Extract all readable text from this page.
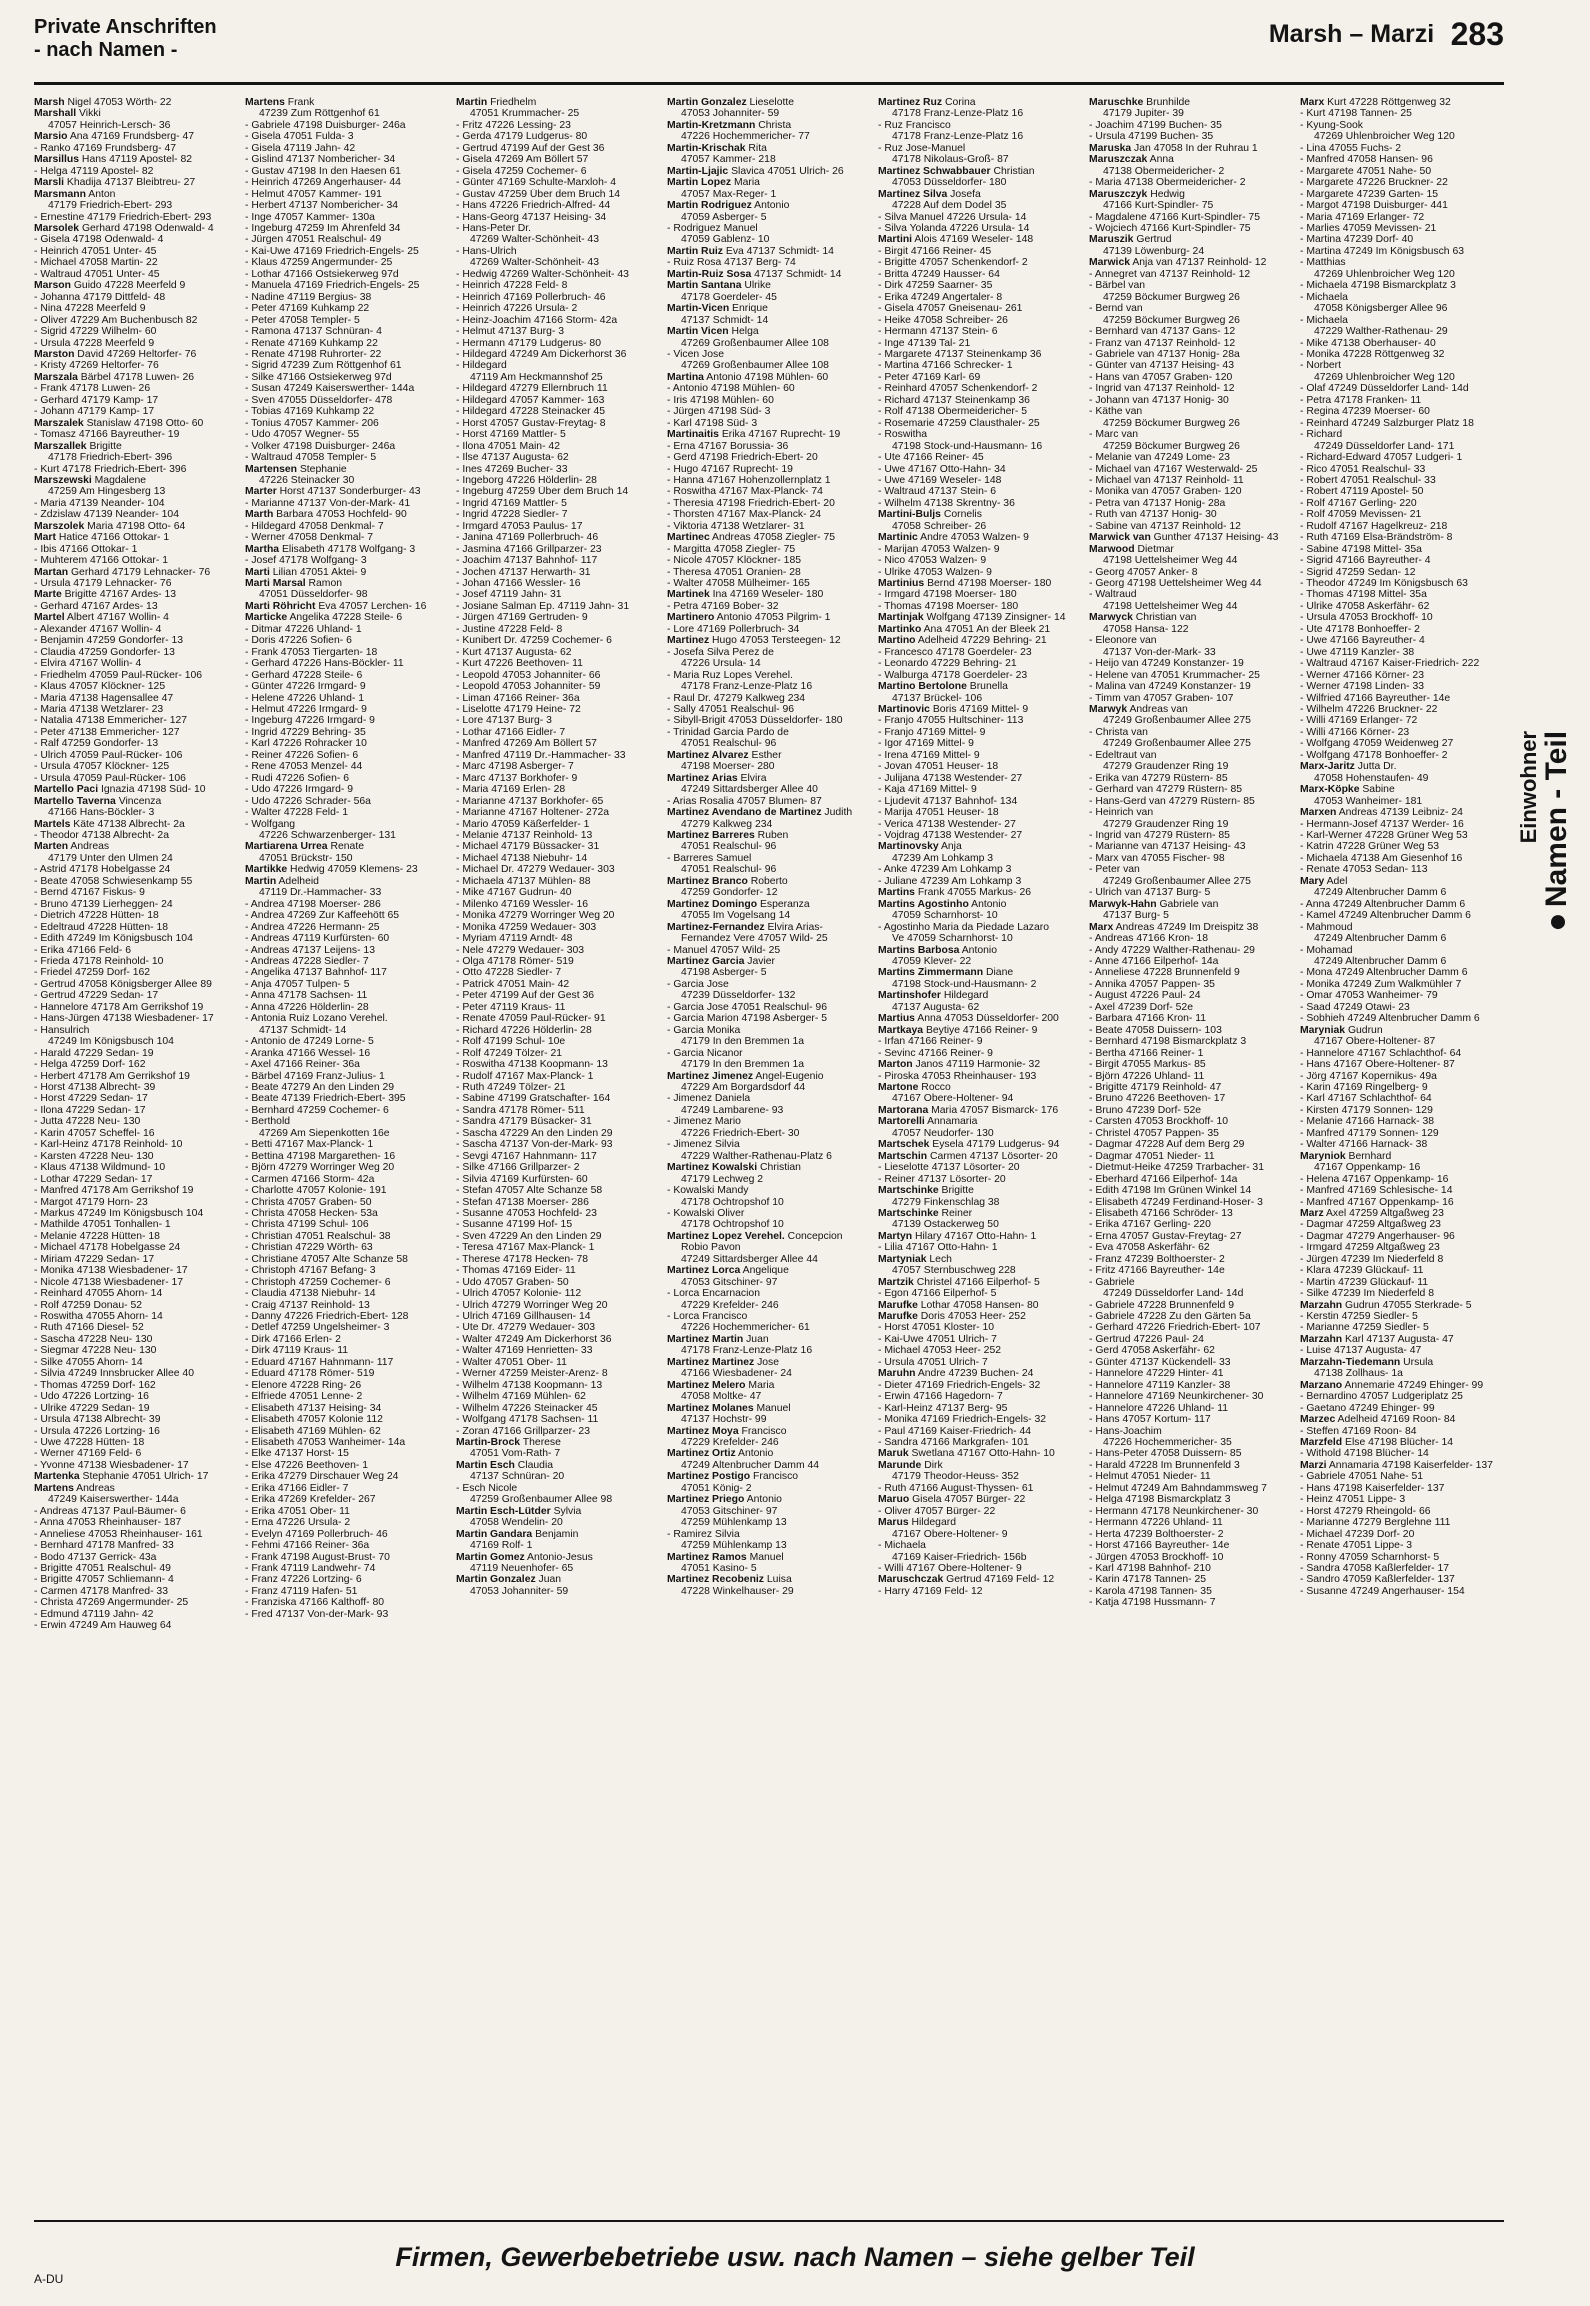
Private Anschriften
- nach Namen -
Marsh – Marzi 283
Marsh Nigel 47053 Wörth- 22
Marshall Vikki
47057 Heinrich-Lersch- 36
Marsio Ana 47169 Frundsberg- 47
- Ranko 47169 Frundsberg- 47
Marsillus Hans 47119 Apostel- 82
- Helga 47119 Apostel- 82
Marsli Khadija 47137 Bleibtreu- 27
Marsmann Anton
47179 Friedrich-Ebert- 293
- Ernestine 47179 Friedrich-Ebert- 293
Marsolek Gerhard 47198 Odenwald- 4
- Gisela 47198 Odenwald- 4
- Heinrich 47051 Unter- 45
- Michael 47058 Martin- 22
- Waltraud 47051 Unter- 45
Marson Guido 47228 Meerfeld 9
- Johanna 47179 Dittfeld- 48
- Nina 47228 Meerfeld 9
- Oliver 47229 Am Buchenbusch 82
- Sigrid 47229 Wilhelm- 60
- Ursula 47228 Meerfeld 9
Marston David 47269 Heltorfer- 76
- Kristy 47269 Heltorfer- 76
Marszala Bärbel 47178 Luwen- 26
- Frank 47178 Luwen- 26
- Gerhard 47179 Kamp- 17
- Johann 47179 Kamp- 17
Marszalek Stanislaw 47198 Otto- 60
- Tomasz 47166 Bayreuther- 19
Marszallek Brigitte
47178 Friedrich-Ebert- 396
- Kurt 47178 Friedrich-Ebert- 396
Marszewski Magdalene
47259 Am Hingesberg 13
- Maria 47139 Neander- 104
- Zdzislaw 47139 Neander- 104
Marszolek Maria 47198 Otto- 64
Mart Hatice 47166 Ottokar- 1
- Ibis 47166 Ottokar- 1
- Muhterem 47166 Ottokar- 1
Martan Gerhard 47179 Lehnacker- 76
- Ursula 47179 Lehnacker- 76
Marte Brigitte 47167 Ardes- 13
- Gerhard 47167 Ardes- 13
Martel Albert 47167 Wollin- 4
- Alexander 47167 Wollin- 4
- Benjamin 47259 Gondorfer- 13
- Claudia 47259 Gondorfer- 13
- Elvira 47167 Wollin- 4
- Friedhelm 47059 Paul-Rücker- 106
- Klaus 47057 Klöckner- 125
- Maria 47138 Hagensallee 47
- Maria 47138 Wetzlarer- 23
- Natalia 47138 Emmericher- 127
- Peter 47138 Emmericher- 127
- Ralf 47259 Gondorfer- 13
- Ulrich 47059 Paul-Rücker- 106
- Ursula 47057 Klöckner- 125
- Ursula 47059 Paul-Rücker- 106
Martello Paci Ignazia 47198 Süd- 10
Martello Tavernа Vincenza
47166 Hans-Böckler- 3
Martels Käte 47138 Albrecht- 2a
- Theodor 47138 Albrecht- 2a
Marten Andreas
47179 Unter den Ulmen 24
- Astrid 47178 Hobelgasse 24
- Beate 47058 Schwiesenkamp 55
- Bernd 47167 Fiskus- 9
- Bruno 47139 Lierheggen- 24
- Dietrich 47228 Hütten- 18
- Edeltraud 47228 Hütten- 18
- Edith 47249 Im Königsbusch 104
- Erika 47166 Feld- 6
- Frieda 47178 Reinhold- 10
- Friedel 47259 Dorf- 162
- Gertrud 47058 Königsberger Allee 89
- Gertrud 47229 Sedan- 17
- Hannelore 47178 Am Gerrikshof 19
- Hans-Jürgen 47138 Wiesbadener- 17
- Hansulrich
47249 Im Königsbusch 104
- Harald 47229 Sedan- 19
- Helga 47259 Dorf- 162
- Herbert 47178 Am Gerrikshof 19
- Horst 47138 Albrecht- 39
- Horst 47229 Sedan- 17
- Ilona 47229 Sedan- 17
- Jutta 47228 Neu- 130
- Karin 47057 Scheffel- 16
- Karl-Heinz 47178 Reinhold- 10
- Karsten 47228 Neu- 130
- Klaus 47138 Wildmund- 10
- Lothar 47229 Sedan- 17
- Manfred 47178 Am Gerrikshof 19
- Margot 47179 Horn- 23
- Markus 47249 Im Königsbusch 104
- Mathilde 47051 Tonhallen- 1
- Melanie 47228 Hütten- 18
- Michael 47178 Hobelgasse 24
- Miriam 47229 Sedan- 17
- Monika 47138 Wiesbadener- 17
- Nicole 47138 Wiesbadener- 17
- Reinhard 47055 Ahorn- 14
- Rolf 47259 Donau- 52
- Roswitha 47055 Ahorn- 14
- Ruth 47166 Diesel- 52
- Sascha 47228 Neu- 130
- Siegmar 47228 Neu- 130
- Silke 47055 Ahorn- 14
- Silvia 47249 Innsbrucker Allee 40
- Thomas 47259 Dorf- 162
- Udo 47226 Lortzing- 16
- Ulrike 47229 Sedan- 19
- Ursula 47138 Albrecht- 39
- Ursula 47226 Lortzing- 16
- Uwe 47228 Hütten- 18
- Werner 47169 Feld- 6
- Yvonne 47138 Wiesbadener- 17
Martenka Stephanie 47051 Ulrich- 17
Martens Andreas
47249 Kaiserswerther- 144a
- Andreas 47137 Paul-Bäumer- 6
- Anna 47053 Rheinhauser- 187
- Anneliese 47053 Rheinhauser- 161
- Bernhard 47178 Manfred- 33
- Bodo 47137 Gerrick- 43a
- Brigitte 47051 Realschul- 49
- Brigitte 47057 Schliemann- 4
- Carmen 47178 Manfred- 33
- Christa 47269 Angermunder- 25
- Edmund 47119 Jahn- 42
- Erwin 47249 Am Hauweg 64
Martens Frank
47239 Zum Röttgenhof 61
- Gabriele 47198 Duisburger- 246a
- Gisela 47051 Fulda- 3
- Gisela 47119 Jahn- 42
- Gislind 47137 Nombericher- 34
- Gustav 47198 In den Haesen 61
- Heinrich 47269 Angerhauser- 44
- Helmut 47057 Kammer- 191
- Herbert 47137 Nombericher- 34
- Inge 47057 Kammer- 130a
- Ingeburg 47259 Im Ährenfeld 34
- Jürgen 47051 Realschul- 49
- Kai-Uwe 47169 Friedrich-Engels- 25
- Klaus 47259 Angermunder- 25
- Lothar 47166 Ostsiekerweg 97d
- Manuela 47169 Friedrich-Engels- 25
- Nadine 47119 Bergius- 38
- Peter 47169 Kuhkamp 22
- Peter 47058 Templer- 5
- Ramona 47137 Schnürаn- 4
- Renate 47169 Kuhkamp 22
- Renate 47198 Ruhrorter- 22
- Sigrid 47239 Zum Röttgenhof 61
- Silke 47166 Ostsiekerweg 97d
- Susan 47249 Kaiserswerther- 144a
- Sven 47055 Düsseldorfer- 478
- Tobias 47169 Kuhkamp 22
- Tonius 47057 Kammer- 206
- Udo 47057 Wegner- 55
- Volker 47198 Duisburger- 246a
- Waltraud 47058 Templer- 5
Martensen Stephanie
47226 Steinacker 30
Marter Horst 47137 Sonderburger- 43
- Marianne 47137 Von-der-Mark- 41
Marth Barbara 47053 Hochfeld- 90
- Hildegard 47058 Denkmal- 7
- Werner 47058 Denkmal- 7
Martha Elisabeth 47178 Wolfgang- 3
- Josef 47178 Wolfgang- 3
Marti Lilian 47051 Aktei- 9
Marti Marsal Ramon
47051 Düsseldorfer- 98
Marti Röhricht Eva 47057 Lerchen- 16
Marticke Angelika 47228 Steile- 6
- Ditmar 47226 Uhland- 1
- Doris 47226 Sofien- 6
- Frank 47053 Tiergarten- 18
- Gerhard 47226 Hans-Böckler- 11
- Gerhard 47228 Steile- 6
- Günter 47226 Irmgard- 9
- Helene 47226 Uhland- 1
- Helmut 47226 Irmgard- 9
- Ingeburg 47226 Irmgard- 9
- Ingrid 47229 Behring- 35
- Karl 47226 Rohracker 10
- Reiner 47226 Sofien- 6
- Rene 47053 Menzel- 44
- Rudi 47226 Sofien- 6
- Udo 47226 Irmgard- 9
- Udo 47226 Schrader- 56a
- Walter 47228 Feld- 1
- Wolfgang
47226 Schwarzenberger- 131
Martiarena Urrea Renate
47051 Brückstr- 150
Martikke Hedwig 47059 Klemens- 23
Martin Adelheid
47119 Dr.-Hammacher- 33
- Andrea 47198 Moerser- 286
- Andrea 47269 Zur Kaffeehött 65
- Andrea 47226 Hermann- 25
- Andreas 47119 Kurfürsten- 60
- Andreas 47137 Leijens- 13
- Andreas 47228 Siedler- 7
- Angelika 47137 Bahnhof- 117
- Anja 47057 Tulpen- 5
- Anna 47178 Sachsen- 11
- Anna 47226 Hölderlin- 28
- Antonia Ruiz Lozano Verehel.
47137 Schmidt- 14
- Antonio de 47249 Lorne- 5
- Aranka 47166 Wessel- 16
- Axel 47166 Reiner- 36a
- Bärbel 47169 Franz-Julius- 1
- Beate 47279 An den Linden 29
- Beate 47139 Friedrich-Ebert- 395
- Bernhard 47259 Cochemer- 6
- Berthold
47269 Am Siepenkotten 16e
- Betti 47167 Max-Planck- 1
- Bettina 47198 Margarethen- 16
- Björn 47279 Worringer Weg 20
- Carmen 47166 Storm- 42a
- Charlotte 47057 Kolonie- 191
- Christa 47057 Graben- 50
- Christa 47058 Hecken- 53a
- Christa 47199 Schul- 106
- Christian 47051 Realschul- 38
- Christian 47229 Wörth- 63
- Christiane 47057 Alte Schanze 58
- Christoph 47167 Befang- 3
- Christoph 47259 Cochemer- 6
- Claudia 47138 Niebuhr- 14
- Craig 47137 Reinhold- 13
- Danny 47226 Friedrich-Ebert- 128
- Detlef 47259 Ungelsheimer- 3
- Dirk 47166 Erlen- 2
- Dirk 47119 Kraus- 11
- Eduard 47167 Hahnmann- 117
- Eduard 47178 Römer- 519
- Elenore 47228 Ring- 26
- Elfriede 47051 Lenne- 2
- Elisabeth 47137 Heising- 34
- Elisabeth 47057 Kolonie 112
- Elisabeth 47169 Mühlen- 62
- Elisabeth 47053 Wanheimer- 14a
- Elke 47137 Horst- 15
- Else 47226 Beethoven- 1
- Erika 47279 Dirschauer Weg 24
- Erika 47166 Eidler- 7
- Erika 47269 Krefelder- 267
- Erika 47051 Ober- 11
- Erna 47226 Ursula- 2
- Evelyn 47169 Pollerbruch- 46
- Fehmi 47166 Reiner- 36a
- Frank 47198 August-Brust- 70
- Frank 47119 Landwehr- 74
- Franz 47226 Lortzing- 6
- Franz 47119 Hafen- 51
- Franziska 47166 Kalthoff- 80
- Fred 47137 Von-der-Mark- 93
Martin Friedhelm
47051 Krummacher- 25
- Fritz 47226 Lessing- 23
- Gerda 47179 Ludgerus- 80
- Gertrud 47199 Auf der Gest 36
- Gisela 47269 Am Böllert 57
- Gisela 47259 Cochemer- 6
- Günter 47169 Schulte-Marxloh- 4
- Gustav 47259 Über dem Bruch 14
- Hans 47226 Friedrich-Alfred- 44
- Hans-Georg 47137 Heising- 34
- Hans-Peter Dr.
47269 Walter-Schönheit- 43
- Hans-Ulrich
47269 Walter-Schönheit- 43
- Hedwig 47269 Walter-Schönheit- 43
- Heinrich 47228 Feld- 8
- Heinrich 47169 Pollerbruch- 46
- Heinrich 47226 Ursula- 2
- Heinz-Joachim 47166 Storm- 42a
- Helmut 47137 Burg- 3
- Hermann 47179 Ludgerus- 80
- Hildegard 47249 Am Dickerhorst 36
- Hildegard
47119 Am Heckmannshof 25
- Hildegard 47279 Ellernbruch 11
- Hildegard 47057 Kammer- 163
- Hildegard 47228 Steinacker 45
- Horst 47057 Gustav-Freytag- 8
- Horst 47169 Mattler- 5
- Ilona 47051 Main- 42
- Ilse 47137 Augusta- 62
- Ines 47269 Bucher- 33
- Ingeborg 47226 Hölderlin- 28
- Ingeburg 47259 Über dem Bruch 14
- Ingrid 47169 Mattler- 5
- Ingrid 47228 Siedler- 7
- Irmgard 47053 Paulus- 17
- Janina 47169 Pollerbruch- 46
- Jasmina 47166 Grillparzer- 23
- Joachim 47137 Bahnhof- 117
- Jochen 47137 Herwarth- 31
- Johan 47166 Wessler- 16
- Josef 47119 Jahn- 31
- Josiane Salman Ep. 47119 Jahn- 31
- Jürgen 47169 Gertruden- 9
- Justine 47228 Feld- 8
- Kunibert Dr. 47259 Cochemer- 6
- Kurt 47137 Augusta- 62
- Kurt 47226 Beethoven- 11
- Leopold 47053 Johanniter- 66
- Leopold 47053 Johanniter- 59
- Liman 47166 Reiner- 36a
- Liselotte 47179 Heine- 72
- Lore 47137 Burg- 3
- Lothar 47166 Eidler- 7
- Manfred 47269 Am Böllert 57
- Manfred 47119 Dr.-Hammacher- 33
- Marc 47198 Asberger- 7
- Marc 47137 Borkhofer- 9
- Maria 47169 Erlen- 28
- Marianne 47137 Borkhofer- 65
- Marianne 47167 Holtener- 272a
- Mario 47059 Käßerfelder- 1
- Melanie 47137 Reinhold- 13
- Michael 47179 Büssacker- 31
- Michael 47138 Niebuhr- 14
- Michael Dr. 47279 Wedauer- 303
- Michaela 47137 Mühlen- 88
- Mike 47167 Gudrun- 40
- Milenko 47169 Wessler- 16
- Monika 47279 Worringer Weg 20
- Monika 47259 Wedauer- 303
- Myriam 47119 Arndt- 48
- Nele 47279 Wedauer- 303
- Olga 47178 Römer- 519
- Otto 47228 Siedler- 7
- Patrick 47051 Main- 42
- Peter 47199 Auf der Gest 36
- Peter 47119 Kraus- 11
- Renate 47059 Paul-Rücker- 91
- Richard 47226 Hölderlin- 28
- Rolf 47199 Schul- 10e
- Rolf 47249 Tölzer- 21
- Roswitha 47138 Koopmann- 13
- Rudolf 47167 Max-Planck- 1
- Ruth 47249 Tölzer- 21
- Sabine 47199 Gratschafter- 164
- Sandra 47178 Römer- 511
- Sandra 47179 Büsacker- 31
- Sascha 47229 An den Linden 29
- Sascha 47137 Von-der-Mark- 93
- Sevgi 47167 Hahnmann- 117
- Silke 47166 Grillparzer- 2
- Silvia 47169 Kurfürsten- 60
- Stefan 47057 Alte Schanze 58
- Stefan 47138 Moerser- 286
- Susanne 47053 Hochfeld- 23
- Susanne 47199 Hof- 15
- Sven 47229 An den Linden 29
- Teresa 47167 Max-Planck- 1
- Therese 47178 Hecken- 78
- Thomas 47169 Eider- 11
- Udo 47057 Graben- 50
- Ulrich 47057 Kolonie- 112
- Ulrich 47279 Worringer Weg 20
- Ulrich 47169 Gillhausen- 14
- Ute Dr. 47279 Wedauer- 303
- Walter 47249 Am Dickerhorst 36
- Walter 47169 Henrietten- 33
- Walter 47051 Ober- 11
- Werner 47259 Meister-Arenz- 8
- Wilhelm 47138 Koopmann- 13
- Wilhelm 47169 Mühlen- 62
- Wilhelm 47226 Steinacker 45
- Wolfgang 47178 Sachsen- 11
- Zoran 47166 Grillparzer- 23
Martin-Brock Therese
47051 Vom-Rath- 7
Martin Esch Claudia
47137 Schnüran- 20
- Esch Nicole
47259 Großenbaumer Allee 98
Martin Esch-Lütder Sylvia
47058 Wendelin- 20
Martin Gandara Benjamin
47169 Rolf- 1
Martin Gomez Antonio-Jesus
47119 Neuenhofer- 65
Martin Gonzalez Juan
47053 Johanniter- 59
Martin Gonzalez Lieselotte
47053 Johanniter- 59
Martin-Kretzmann Christa
47226 Hochemmericher- 77
Martin-Krischak Rita
47057 Kammer- 218
Martin-Ljajic Slavica 47051 Ulrich- 26
Martin Lopez Maria
47057 Max-Reger- 1
Martin Rodriguez Antonio
47059 Asberger- 5
- Rodriguez Manuel
47059 Gablenz- 10
Martin Ruiz Eva 47137 Schmidt- 14
- Ruiz Rosa 47137 Berg- 74
Martin-Ruiz Sosa 47137 Schmidt- 14
Martin Santana Ulrike
47178 Goerdeler- 45
Martin-Vicen Enrique
47137 Schmidt- 14
Martin Vicen Helga
47269 Großenbaumer Allee 108
- Vicen Jose
47269 Großenbaumer Allee 108
Martina Antonio 47198 Mühlen- 60
- Antonio 47198 Mühlen- 60
- Iris 47198 Mühlen- 60
- Jürgen 47198 Süd- 3
- Karl 47198 Süd- 3
Martinaitis Erika 47167 Ruprecht- 19
- Erna 47167 Borussia- 36
- Gerd 47198 Friedrich-Ebert- 20
- Hugo 47167 Ruprecht- 19
- Hanna 47167 Hohenzollernplatz 1
- Roswitha 47167 Max-Planck- 74
- Theresia 47198 Friedrich-Ebert- 20
- Thorsten 47167 Max-Planck- 24
- Viktoria 47138 Wetzlarer- 31
Martinec Andreas 47058 Ziegler- 75
- Margitta 47058 Ziegler- 75
- Nicole 47057 Klöckner- 185
- Theresa 47051 Oranien- 28
- Walter 47058 Mülheimer- 165
Martinek Ina 47169 Weseler- 180
- Petra 47169 Bober- 32
Martinero Antonio 47053 Pilgrim- 1
- Lore 47169 Pollerbruch- 34
Martinez Hugo 47053 Tersteegen- 12
- Josefa Silva Perez de
47226 Ursula- 14
- Maria Ruz Lopes Verehel.
47178 Franz-Lenze-Platz 16
- Raul Dr. 47279 Kalkweg 234
- Sally 47051 Realschul- 96
- Sibyll-Brigit 47053 Düsseldorfer- 180
- Trinidad Garcia Pardo de
47051 Realschul- 96
Martinez Alvarez Esther
47198 Moerser- 280
Martinez Arias Elvira
47249 Sittardsberger Allee 40
- Arias Rosalia 47057 Blumen- 87
Martinez Avendano de Martinez Judith
47279 Kalkweg 234
Martinez Barreres Ruben
47051 Realschul- 96
- Barreres Samuel
47051 Realschul- 96
Martinez Branco Roberto
47259 Gondorfer- 12
Martinez Domingo Esperanza
47055 Im Vogelsang 14
Martinez-Fernandez Elvira Arias-
Fernandez Vere 47057 Wild- 25
- Manuel 47057 Wild- 25
Martinez Garcia Javier
47198 Asberger- 5
- Garcia Jose
47239 Düsseldorfer- 132
- Garcia Jose 47051 Realschul- 96
- Garcia Marion 47198 Asberger- 5
- Garcia Monika
47179 In den Bremmen 1a
- Garcia Nicanor
47179 In den Bremmen 1a
Martinez Jimenez Angel-Eugenio
47229 Am Borgardsdorf 44
- Jimenez Daniela
47249 Lambarene- 93
- Jimenez Mario
47226 Friedrich-Ebert- 30
- Jimenez Silvia
47229 Walther-Rathenau-Platz 6
Martinez Kowalski Christian
47179 Lechweg 2
- Kowalski Mandy
47178 Ochtropshof 10
- Kowalski Oliver
47178 Ochtropshof 10
Martinez Lopez Verehel. Concepcion
Robio Pavon
47249 Sittardsberger Allee 44
Martinez Lorca Angelique
47053 Gitschiner- 97
- Lorca Encarnacion
47229 Krefelder- 246
- Lorca Francisco
47226 Hochemmericher- 61
Martinez Martin Juan
47178 Franz-Lenze-Platz 16
Martinez Martinez Jose
47166 Wiesbadener- 24
Martinez Melero Maria
47058 Moltke- 47
Martinez Molanes Manuel
47137 Hochstr- 99
Martinez Moya Francisco
47229 Krefelder- 246
Martinez Ortiz Antonio
47249 Altenbrucher Damm 44
Martinez Postigo Francisco
47051 König- 2
Martinez Priego Antonio
47053 Gitschiner- 97
47259 Mühlenkamp 13
- Ramirez Silvia
47259 Mühlenkamp 13
Martinez Ramos Manuel
47051 Kasino- 5
Martinez Recobeniz Luisa
47228 Winkelhauser- 29
Martinez Ruz Corina
47178 Franz-Lenze-Platz 16
- Ruz Francisco
47178 Franz-Lenze-Platz 16
- Ruz Jose-Manuel
47178 Nikolaus-Groß- 87
Martinez Schwabbauer Christian
47053 Düsseldorfer- 180
Martinez Silva Josefa
47228 Auf dem Dodel 35
- Silva Manuel 47226 Ursula- 14
- Silva Yolanda 47226 Ursula- 14
Martini Alois 47169 Weseler- 148
- Birgit 47166 Reiner- 45
- Brigitte 47057 Schenkendorf- 2
- Britta 47249 Hausser- 64
- Dirk 47259 Saarner- 35
- Erika 47249 Angertaler- 8
- Gisela 47057 Gneisenau- 261
- Heike 47058 Schreiber- 26
- Hermann 47137 Stein- 6
- Inge 47139 Tal- 21
- Margarete 47137 Steinenkamp 36
- Martina 47166 Schrecker- 1
- Peter 47169 Karl- 69
- Reinhard 47057 Schenkendorf- 2
- Richard 47137 Steinenkamp 36
- Rolf 47138 Obermeidericher- 5
- Rosemarie 47259 Clausthaler- 25
- Roswitha
47198 Stock-und-Hausmann- 16
- Ute 47166 Reiner- 45
- Uwe 47167 Otto-Hahn- 34
- Uwe 47169 Weseler- 148
- Waltraud 47137 Stein- 6
- Wilhelm 47138 Skrentny- 36
Martini-Buljs Cornelis
47058 Schreiber- 26
Martinic Andre 47053 Walzen- 9
- Marijan 47053 Walzen- 9
- Nico 47053 Walzen- 9
- Ulrike 47053 Walzen- 9
Martinius Bernd 47198 Moerser- 180
- Irmgard 47198 Moerser- 180
- Thomas 47198 Moerser- 180
Martinjak Wolfgang 47139 Zinsigner- 14
Martinko Ana 47051 An der Bleek 21
Martino Adelheid 47229 Behring- 21
- Francesco 47178 Goerdeler- 23
- Leonardo 47229 Behring- 21
- Walburga 47178 Goerdeler- 23
Martino Bertolone Brunella
47137 Brückel- 106
Martinovic Boris 47169 Mittel- 9
- Franjo 47055 Hultschiner- 113
- Franjo 47169 Mittel- 9
- Igor 47169 Mittel- 9
- Irena 47169 Mittel- 9
- Jovan 47051 Heuser- 18
- Julijana 47138 Westender- 27
- Kaja 47169 Mittel- 9
- Ljudevit 47137 Bahnhof- 134
- Marija 47051 Heuser- 18
- Verica 47138 Westender- 27
- Vojdrag 47138 Westender- 27
Martinovsky Anja
47239 Am Lohkamp 3
- Anke 47239 Am Lohkamp 3
- Juliane 47239 Am Lohkamp 3
Martins Frank 47055 Markus- 26
Martins Agostinho Antonio
47059 Scharnhorst- 10
- Agostinho Maria da Piedade Lazaro
Ve 47059 Scharnhorst- 10
Martins Barbosa Antonio
47059 Klever- 22
Martins Zimmermann Diane
47198 Stock-und-Hausmann- 2
Martinshofer Hildegard
47137 Augusta- 62
Martius Anna 47053 Düsseldorfer- 200
Martkaya Beytiye 47166 Reiner- 9
- Irfan 47166 Reiner- 9
- Sevinc 47166 Reiner- 9
Marton Janos 47119 Harmonie- 32
- Piroska 47053 Rheinhauser- 193
Martone Rocco
47167 Obere-Holtener- 94
Martorana Maria 47057 Bismarck- 176
Martorelli Annamaria
47057 Neudorfer- 130
Martschek Eysela 47179 Ludgerus- 94
Martschin Carmen 47137 Lösorter- 20
- Lieselotte 47137 Lösorter- 20
- Reiner 47137 Lösorter- 20
Martschinke Brigitte
47279 Finkenschlag 38
Martschinke Reiner
47139 Ostackerweg 50
Martyn Hilary 47167 Otto-Hahn- 1
- Lilia 47167 Otto-Hahn- 1
Martyniak Lech
47057 Sternbuschweg 228
Martzik Christel 47166 Eilperhof- 5
- Egon 47166 Eilperhof- 5
Marufke Lothar 47058 Hansen- 80
Marufke Doris 47053 Heer- 252
- Horst 47051 Kloster- 10
- Kai-Uwe 47051 Ulrich- 7
- Michael 47053 Heer- 252
- Ursula 47051 Ulrich- 7
Maruhn Andre 47239 Buchen- 24
- Dieter 47169 Friedrich-Engels- 32
- Erwin 47166 Hagedorn- 7
- Karl-Heinz 47137 Berg- 95
- Monika 47169 Friedrich-Engels- 32
- Paul 47169 Kaiser-Friedrich- 44
- Sandra 47166 Markgrafen- 101
Maruk Swetlana 47167 Otto-Hahn- 10
Marunde Dirk
47179 Theodor-Heuss- 352
- Ruth 47166 August-Thyssen- 61
Maruo Gisela 47057 Bürger- 22
- Oliver 47057 Bürger- 22
Marus Hildegard
47167 Obere-Holtener- 9
- Michaela
47169 Kaiser-Friedrich- 156b
- Willi 47167 Obere-Holtener- 9
Maruschczak Gertrud 47169 Feld- 12
- Harry 47169 Feld- 12
Maruschke Brunhilde
47179 Jupiter- 39
- Joachim 47199 Buchen- 35
- Ursula 47199 Buchen- 35
Maruska Jan 47058 In der Ruhrau 1
Maruszczak Anna
47138 Obermeidericher- 2
- Maria 47138 Obermeidericher- 2
Maruszczyk Hedwig
47166 Kurt-Spindler- 75
- Magdalene 47166 Kurt-Spindler- 75
- Wojciech 47166 Kurt-Spindler- 75
Maruszik Gertrud
47139 Löwenburg- 24
Marwick Anja van 47137 Reinhold- 12
- Annegret van 47137 Reinhold- 12
- Bärbel van
47259 Böckumer Burgweg 26
- Bernd van
47259 Böckumer Burgweg 26
- Bernhard van 47137 Gans- 12
- Franz van 47137 Reinhold- 12
- Gabriele van 47137 Honig- 28a
- Günter van 47137 Heising- 43
- Hans van 47057 Graben- 120
- Ingrid van 47137 Reinhold- 12
- Johann van 47137 Honig- 30
- Käthe van
47259 Böckumer Burgweg 26
- Marc van
47259 Böckumer Burgweg 26
- Melanie van 47249 Lome- 23
- Michael van 47167 Westerwald- 25
- Michael van 47137 Reinhold- 11
- Monika van 47057 Graben- 120
- Petra van 47137 Honig- 28a
- Ruth van 47137 Honig- 30
- Sabine van 47137 Reinhold- 12
Marwick van Gunther 47137 Heising- 43
Marwood Dietmar
47198 Uettelsheimer Weg 44
- Georg 47057 Anker- 8
- Georg 47198 Uettelsheimer Weg 44
- Waltraud
47198 Uettelsheimer Weg 44
Marwyck Christian van
47058 Hansa- 122
- Eleonore van
47137 Von-der-Mark- 33
- Heijo van 47249 Konstanzer- 19
- Helene van 47051 Krummacher- 25
- Malina van 47249 Konstanzer- 19
- Timm van 47057 Graben- 107
Marwyk Andreas van
47249 Großenbaumer Allee 275
- Christa van
47249 Großenbaumer Allee 275
- Edeltraut van
47279 Graudenzer Ring 19
- Erika van 47279 Rüstern- 85
- Gerhard van 47279 Rüstern- 85
- Hans-Gerd van 47279 Rüstern- 85
- Heinrich van
47279 Graudenzer Ring 19
- Ingrid van 47279 Rüstern- 85
- Marianne van 47137 Heising- 43
- Marx van 47055 Fischer- 98
- Peter van
47249 Großenbaumer Allee 275
- Ulrich van 47137 Burg- 5
Marwyk-Hahn Gabriele van
47137 Burg- 5
Marx Andreas 47249 Im Dreispitz 38
- Andreas 47166 Kron- 18
- Andy 47229 Walther-Rathenau- 29
- Anne 47166 Eilperhof- 14a
- Anneliese 47228 Brunnenfeld 9
- Annika 47057 Pappen- 35
- August 47226 Paul- 24
- Axel 47239 Dorf- 52e
- Barbara 47166 Kron- 11
- Beate 47058 Duissern- 103
- Bernhard 47198 Bismarckplatz 3
- Bertha 47166 Reiner- 1
- Birgit 47055 Markus- 85
- Björn 47226 Uhland- 11
- Brigitte 47179 Reinhold- 47
- Bruno 47226 Beethoven- 17
- Bruno 47239 Dorf- 52e
- Carsten 47053 Brockhoff- 10
- Christel 47057 Pappen- 35
- Dagmar 47228 Auf dem Berg 29
- Dagmar 47051 Nieder- 11
- Dietmut-Heike 47259 Trarbacher- 31
- Eberhard 47166 Eilperhof- 14a
- Edith 47198 Im Grünen Winkel 14
- Elisabeth 47249 Ferdinand-Hoser- 3
- Elisabeth 47166 Schröder- 13
- Erika 47167 Gerling- 220
- Erna 47057 Gustav-Freytag- 27
- Eva 47058 Askerfähr- 62
- Franz 47239 Bolthoerster- 2
- Fritz 47166 Bayreuther- 14e
- Gabriele
47249 Düsseldorfer Land- 14d
- Gabriele 47228 Brunnenfeld 9
- Gabriele 47228 Zu den Gärten 5a
- Gerhard 47226 Friedrich-Ebert- 107
- Gertrud 47226 Paul- 24
- Gerd 47058 Askerfähr- 62
- Günter 47137 Kückendell- 33
- Hannelore 47229 Hinter- 41
- Hannelore 47119 Kanzler- 38
- Hannelore 47169 Neunkirchener- 30
- Hannelore 47226 Uhland- 11
- Hans 47057 Kortum- 117
- Hans-Joachim
47226 Hochemmericher- 35
- Hans-Peter 47058 Duissern- 85
- Harald 47228 Im Brunnenfeld 3
- Helmut 47051 Nieder- 11
- Helmut 47249 Am Bahndammsweg 7
- Helga 47198 Bismarckplatz 3
- Hermann 47178 Neunkirchener- 30
- Hermann 47226 Uhland- 11
- Herta 47239 Bolthoerster- 2
- Horst 47166 Bayreuther- 14e
- Jürgen 47053 Brockhoff- 10
- Karl 47198 Bahnhof- 210
- Karin 47178 Tannen- 25
- Karola 47198 Tannen- 35
- Katja 47198 Hussmann- 7
Marx Kurt 47228 Röttgenweg 32
- Kurt 47198 Tannen- 25
- Kyung-Sook
47269 Uhlenbroicher Weg 120
- Lina 47055 Fuchs- 2
- Manfred 47058 Hansen- 96
- Margarete 47051 Nahe- 50
- Margarete 47226 Bruckner- 22
- Margarete 47239 Garten- 15
- Margot 47198 Duisburger- 441
- Maria 47169 Erlanger- 72
- Marlies 47059 Mevissen- 21
- Martina 47239 Dorf- 40
- Martina 47249 Im Königsbusch 63
- Matthias
47269 Uhlenbroicher Weg 120
- Michaela 47198 Bismarckplatz 3
- Michaela
47058 Königsberger Allee 96
- Michaela
47229 Walther-Rathenau- 29
- Mike 47138 Oberhauser- 40
- Monika 47228 Röttgenweg 32
- Norbert
47269 Uhlenbroicher Weg 120
- Olaf 47249 Düsseldorfer Land- 14d
- Petra 47178 Franken- 11
- Regina 47239 Moerser- 60
- Reinhard 47249 Salzburger Platz 18
- Richard
47249 Düsseldorfer Land- 171
- Richard-Edward 47057 Ludgeri- 1
- Rico 47051 Realschul- 33
- Robert 47051 Realschul- 33
- Robert 47119 Apostel- 50
- Rolf 47167 Gerling- 220
- Rolf 47059 Mevissen- 21
- Rudolf 47167 Hagelkreuz- 218
- Ruth 47169 Elsa-Brändström- 8
- Sabine 47198 Mittel- 35a
- Sigrid 47166 Bayreuther- 4
- Sigrid 47259 Sedan- 12
- Theodor 47249 Im Königsbusch 63
- Thomas 47198 Mittel- 35a
- Ulrike 47058 Askerfähr- 62
- Ursula 47053 Brockhoff- 10
- Ute 47178 Bonhoeffer- 2
- Uwe 47166 Bayreuther- 4
- Uwe 47119 Kanzler- 38
- Waltraud 47167 Kaiser-Friedrich- 222
- Werner 47166 Körner- 23
- Werner 47198 Linden- 33
- Wilfried 47166 Bayreuther- 14e
- Wilhelm 47226 Bruckner- 22
- Willi 47169 Erlanger- 72
- Willi 47166 Körner- 23
- Wolfgang 47059 Weidenweg 27
- Wolfgang 47178 Bonhoeffer- 2
Marx-Jaritz Jutta Dr.
47058 Hohenstaufen- 49
Marx-Köpke Sabine
47053 Wanheimer- 181
Marxen Andreas 47139 Leibniz- 24
- Hermann-Josef 47137 Werder- 16
- Karl-Werner 47228 Grüner Weg 53
- Katrin 47228 Grüner Weg 53
- Michaela 47138 Am Giesenhof 16
- Renate 47053 Sedan- 113
Mary Adel
47249 Altenbrucher Damm 6
- Anna 47249 Altenbrucher Damm 6
- Kamel 47249 Altenbrucher Damm 6
- Mahmoud
47249 Altenbrucher Damm 6
- Mohamad
47249 Altenbrucher Damm 6
- Mona 47249 Altenbrucher Damm 6
- Monika 47249 Zum Walkmühler 7
- Omar 47053 Wanheimer- 79
- Saad 47249 Otawi- 23
- Sobhieh 47249 Altenbrucher Damm 6
Maryniak Gudrun
47167 Obere-Holtener- 87
- Hannelore 47167 Schlachthof- 64
- Hans 47167 Obere-Holtener- 87
- Jörg 47167 Kopernikus- 49a
- Karin 47169 Ringelberg- 9
- Karl 47167 Schlachthof- 64
- Kirsten 47179 Sonnen- 129
- Melanie 47166 Harnack- 38
- Manfred 47179 Sonnen- 129
- Walter 47166 Harnack- 38
Maryniok Bernhard
47167 Oppenkamp- 16
- Helena 47167 Oppenkamp- 16
- Manfred 47169 Schlesische- 14
- Manfred 47167 Oppenkamp- 16
Marz Axel 47259 Altgaßweg 23
- Dagmar 47259 Altgaßweg 23
- Dagmar 47279 Angerhauser- 96
- Irmgard 47259 Altgaßweg 23
- Jürgen 47239 Im Niederfeld 8
- Klara 47239 Glückauf- 11
- Martin 47239 Glückauf- 11
- Silke 47239 Im Niederfeld 8
Marzahn Gudrun 47055 Sterkrade- 5
- Kerstin 47259 Siedler- 5
- Marianne 47259 Siedler- 5
Marzahn Karl 47137 Augusta- 47
- Luise 47137 Augusta- 47
Marzahn-Tiedemann Ursula
47138 Zollhaus- 1a
Marzano Annemarie 47249 Ehinger- 99
- Bernardino 47057 Ludgeriplatz 25
- Gaetano 47249 Ehinger- 99
Marzec Adelheid 47169 Roon- 84
- Steffen 47169 Roon- 84
Marzfeld Else 47198 Blücher- 14
- Withold 47198 Blücher- 14
Marzi Annamaria 47198 Kaiserfelder- 137
- Gabriele 47051 Nahe- 51
- Hans 47198 Kaiserfelder- 137
- Heinz 47051 Lippe- 3
- Horst 47279 Rheingold- 66
- Marianne 47279 Berglehne 111
- Michael 47239 Dorf- 20
- Renate 47051 Lippe- 3
- Ronny 47059 Scharnhorst- 5
- Sandra 47058 Kaßlerfelder- 17
- Sandro 47059 Kaßlerfelder- 137
- Susanne 47249 Angerhauser- 154
Einwohner Namen - Teil
Firmen, Gewerbebetriebe usw. nach Namen – siehe gelber Teil
A-DU
